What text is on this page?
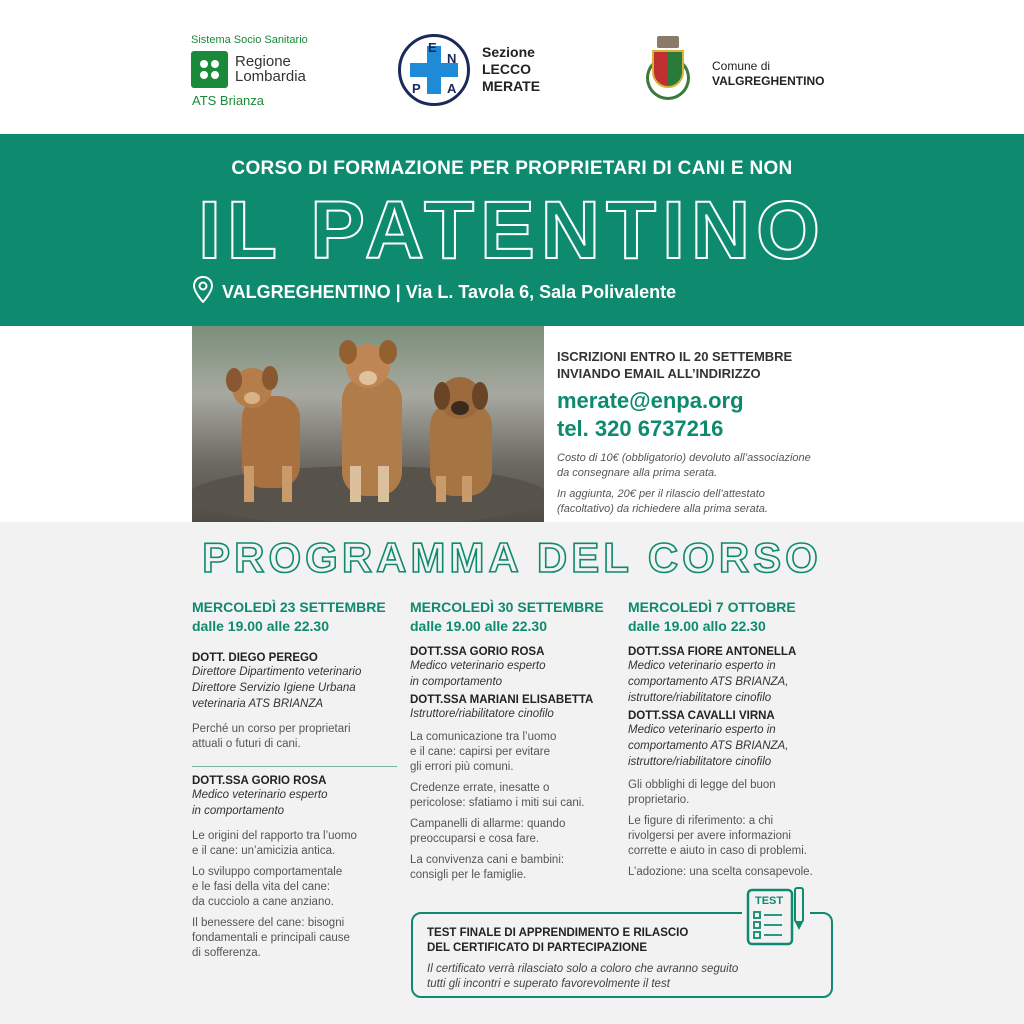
Sistema Socio Sanitario
Regione
Lombardia
ATS Brianza
E
N
P A
Sezione
LECCO
MERATE
Comune di
VALGREGHENTINO
CORSO DI FORMAZIONE PER PROPRIETARI DI CANI E NON
IL PATENTINO
VALGREGHENTINO | Via L. Tavola 6, Sala Polivalente
ISCRIZIONI ENTRO IL 20 SETTEMBRE
INVIANDO EMAIL ALL’INDIRIZZO
merate@enpa.org
tel. 320 6737216
Costo di 10€ (obbligatorio) devoluto all’associazione
da consegnare alla prima serata.
In aggiunta, 20€ per il rilascio dell’attestato
(facoltativo) da richiedere alla prima serata.
PROGRAMMA DEL CORSO
MERCOLEDÌ 23 SETTEMBRE
dalle 19.00 alle 22.30
DOTT. DIEGO PEREGO
Direttore Dipartimento veterinario
Direttore Servizio Igiene Urbana
veterinaria ATS BRIANZA
Perché un corso per proprietari
attuali o futuri di cani.
DOTT.SSA GORIO ROSA
Medico veterinario esperto
in comportamento
Le origini del rapporto tra l’uomo
e il cane: un’amicizia antica.
Lo sviluppo comportamentale
e le fasi della vita del cane:
da cucciolo a cane anziano.
Il benessere del cane: bisogni
fondamentali e principali cause
di sofferenza.
MERCOLEDÌ 30 SETTEMBRE
dalle 19.00 alle 22.30
DOTT.SSA GORIO ROSA
Medico veterinario esperto
in comportamento
DOTT.SSA MARIANI ELISABETTA
Istruttore/riabilitatore cinofilo
La comunicazione tra l’uomo
e il cane: capirsi per evitare
gli errori più comuni.
Credenze errate, inesatte o
pericolose: sfatiamo i miti sui cani.
Campanelli di allarme: quando
preoccuparsi e cosa fare.
La convivenza cani e bambini:
consigli per le famiglie.
MERCOLEDÌ 7 OTTOBRE
dalle 19.00 allo 22.30
DOTT.SSA FIORE ANTONELLA
Medico veterinario esperto in
comportamento ATS BRIANZA,
istruttore/riabilitatore cinofilo
DOTT.SSA CAVALLI VIRNA
Medico veterinario esperto in
comportamento ATS BRIANZA,
istruttore/riabilitatore cinofilo
Gli obblighi di legge del buon
proprietario.
Le figure di riferimento: a chi
rivolgersi per avere informazioni
corrette e aiuto in caso di problemi.
L’adozione: una scelta consapevole.
TEST FINALE DI APPRENDIMENTO E RILASCIO
DEL CERTIFICATO DI PARTECIPAZIONE
Il certificato verrà rilasciato solo a coloro che avranno seguito
tutti gli incontri e superato favorevolmente il test
TEST
